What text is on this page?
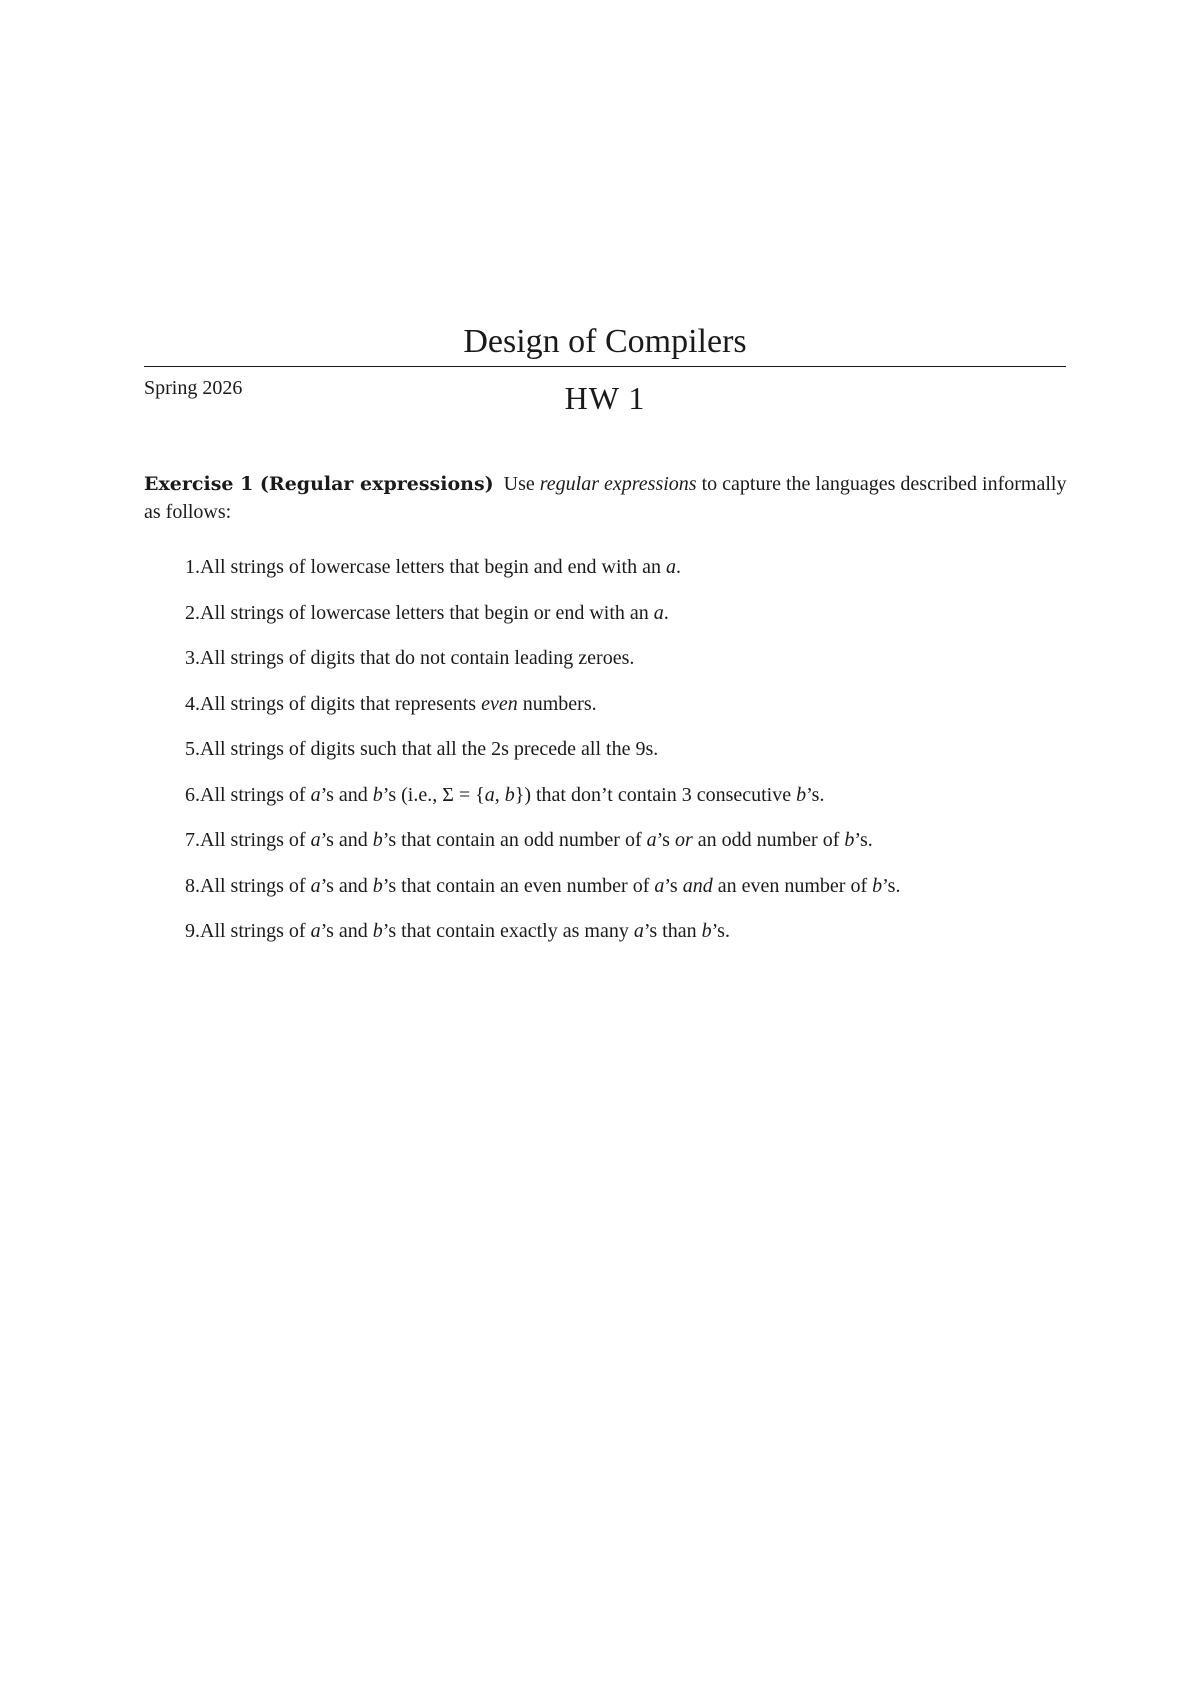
Design of Compilers
Spring 2026	HW 1
Exercise 1 (Regular expressions) Use regular expressions to capture the languages described informally as follows:
1. All strings of lowercase letters that begin and end with an a.
2. All strings of lowercase letters that begin or end with an a.
3. All strings of digits that do not contain leading zeroes.
4. All strings of digits that represents even numbers.
5. All strings of digits such that all the 2s precede all the 9s.
6. All strings of a’s and b’s (i.e., Σ = {a, b}) that don’t contain 3 consecutive b’s.
7. All strings of a’s and b’s that contain an odd number of a’s or an odd number of b’s.
8. All strings of a’s and b’s that contain an even number of a’s and an even number of b’s.
9. All strings of a’s and b’s that contain exactly as many a’s than b’s.
